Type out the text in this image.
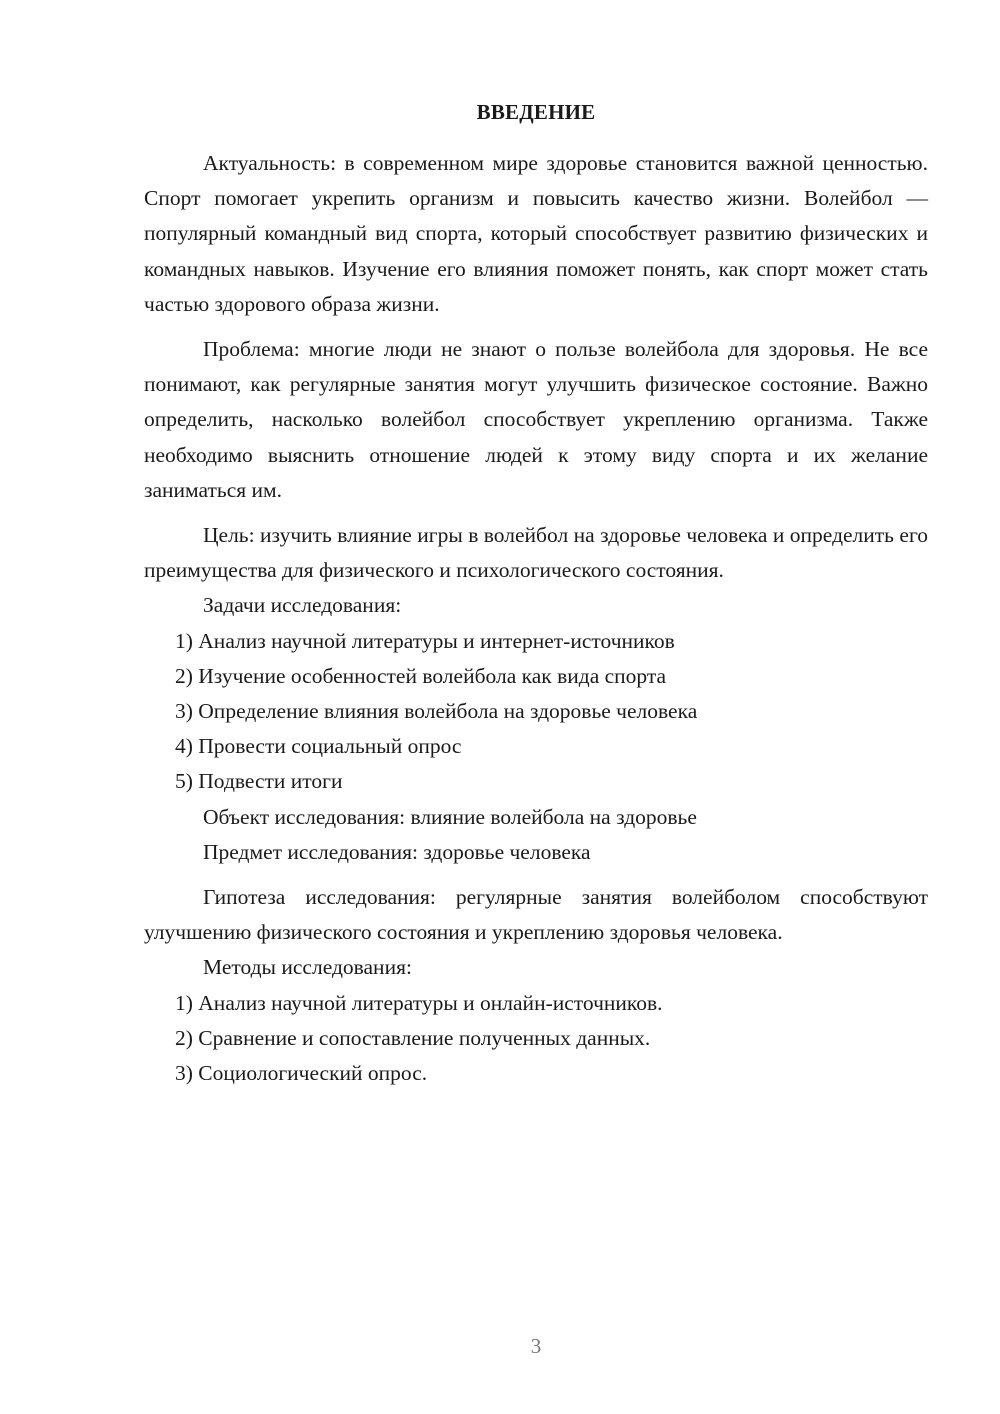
ВВЕДЕНИЕ

Актуальность: в современном мире здоровье становится важной ценностью. Спорт помогает укрепить организм и повысить качество жизни. Волейбол — популярный командный вид спорта, который способствует развитию физических и командных навыков. Изучение его влияния поможет понять, как спорт может стать частью здорового образа жизни.

Проблема: многие люди не знают о пользе волейбола для здоровья. Не все понимают, как регулярные занятия могут улучшить физическое состояние. Важно определить, насколько волейбол способствует укреплению организма. Также необходимо выяснить отношение людей к этому виду спорта и их желание заниматься им.

Цель: изучить влияние игры в волейбол на здоровье человека и определить его преимущества для физического и психологического состояния.

Задачи исследования:

1) Анализ научной литературы и интернет-источников

2) Изучение особенностей волейбола как вида спорта

3) Определение влияния волейбола на здоровье человека

4) Провести социальный опрос

5) Подвести итоги

Объект исследования: влияние волейбола на здоровье

Предмет исследования: здоровье человека

Гипотеза исследования: регулярные занятия волейболом способствуют улучшению физического состояния и укреплению здоровья человека.

Методы исследования:

1) Анализ научной литературы и онлайн-источников.

2) Сравнение и сопоставление полученных данных.

3) Социологический опрос.

3
